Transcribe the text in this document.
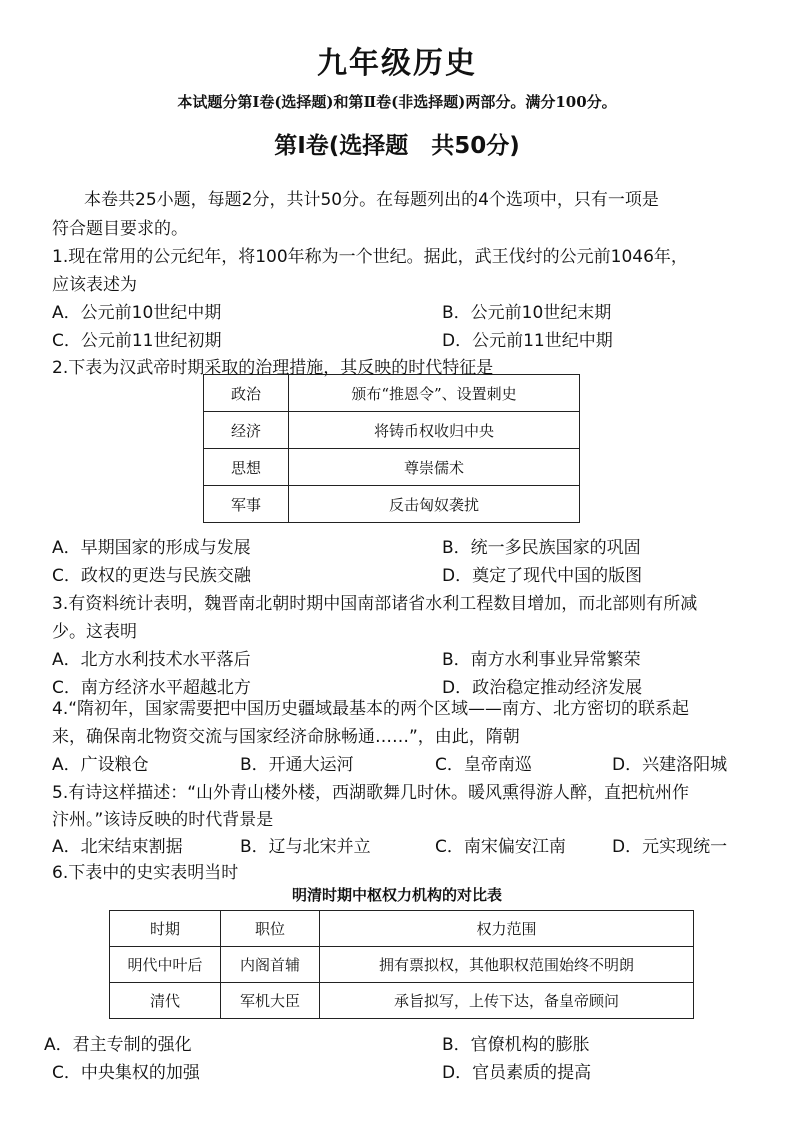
九年级历史
本试题分第Ⅰ卷(选择题)和第Ⅱ卷(非选择题)两部分。满分100分。
第Ⅰ卷(选择题　共50分)
本卷共25小题，每题2分，共计50分。在每题列出的4个选项中，只有一项是
符合题目要求的。
1.现在常用的公元纪年，将100年称为一个世纪。据此，武王伐纣的公元前1046年，
应该表述为
A．公元前10世纪中期	B．公元前10世纪末期
C．公元前11世纪初期	D．公元前11世纪中期
2.下表为汉武帝时期采取的治理措施，其反映的时代特征是
政治	颁布“推恩令”、设置刺史
经济	将铸币权收归中央
思想	尊崇儒术
军事	反击匈奴袭扰
A．早期国家的形成与发展	B．统一多民族国家的巩固
C．政权的更迭与民族交融	D．奠定了现代中国的版图
3.有资料统计表明，魏晋南北朝时期中国南部诸省水利工程数目增加，而北部则有所减
少。这表明
A．北方水利技术水平落后	B．南方水利事业异常繁荣
C．南方经济水平超越北方	D．政治稳定推动经济发展
4.“隋初年，国家需要把中国历史疆域最基本的两个区域——南方、北方密切的联系起
来，确保南北物资交流与国家经济命脉畅通……”，由此，隋朝
A．广设粮仓	B．开通大运河	C．皇帝南巡	D．兴建洛阳城
5.有诗这样描述：“山外青山楼外楼，西湖歌舞几时休。暖风熏得游人醉，直把杭州作
汴州。”该诗反映的时代背景是
A．北宋结束割据	B．辽与北宋并立	C．南宋偏安江南	D．元实现统一
6.下表中的史实表明当时
明清时期中枢权力机构的对比表
时期	职位	权力范围
明代中叶后	内阁首辅	拥有票拟权，其他职权范围始终不明朗
清代	军机大臣	承旨拟写，上传下达，备皇帝顾问
A．君主专制的强化	B．官僚机构的膨胀
C．中央集权的加强	D．官员素质的提高
